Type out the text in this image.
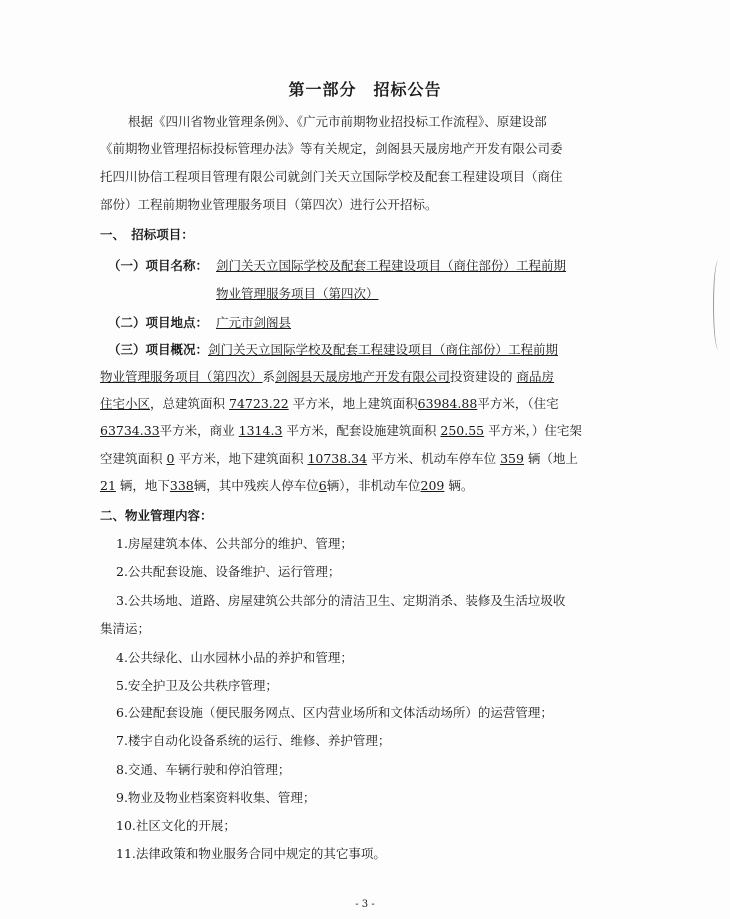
第一部分　招标公告
根据《四川省物业管理条例》、《广元市前期物业招投标工作流程》、原建设部
《前期物业管理招标投标管理办法》等有关规定，剑阁县天晟房地产开发有限公司委
托四川协信工程项目管理有限公司就剑门关天立国际学校及配套工程建设项目（商住
部份）工程前期物业管理服务项目（第四次）进行公开招标。
一、　招标项目：
（一）项目名称： 剑门关天立国际学校及配套工程建设项目（商住部份）工程前期
物业管理服务项目（第四次）
（二）项目地点： 广元市剑阁县
（三）项目概况：剑门关天立国际学校及配套工程建设项目（商住部份）工程前期
物业管理服务项目（第四次）系剑阁县天晟房地产开发有限公司投资建设的 商品房
住宅小区，总建筑面积 74723.22 平方米，地上建筑面积63984.88平方米，（住宅
63734.33平方米，商业 1314.3 平方米，配套设施建筑面积 250.55 平方米，）住宅架
空建筑面积 0 平方米，地下建筑面积 10738.34 平方米、机动车停车位 359 辆（地上
21 辆，地下338辆，其中残疾人停车位6辆），非机动车位209 辆。
二、物业管理内容：
1.房屋建筑本体、公共部分的维护、管理；
2.公共配套设施、设备维护、运行管理；
3.公共场地、道路、房屋建筑公共部分的清洁卫生、定期消杀、装修及生活垃圾收
集清运；
4.公共绿化、山水园林小品的养护和管理；
5.安全护卫及公共秩序管理；
6.公建配套设施（便民服务网点、区内营业场所和文体活动场所）的运营管理；
7.楼宇自动化设备系统的运行、维修、养护管理；
8.交通、车辆行驶和停泊管理；
9.物业及物业档案资料收集、管理；
10.社区文化的开展；
11.法律政策和物业服务合同中规定的其它事项。
- 3 -
